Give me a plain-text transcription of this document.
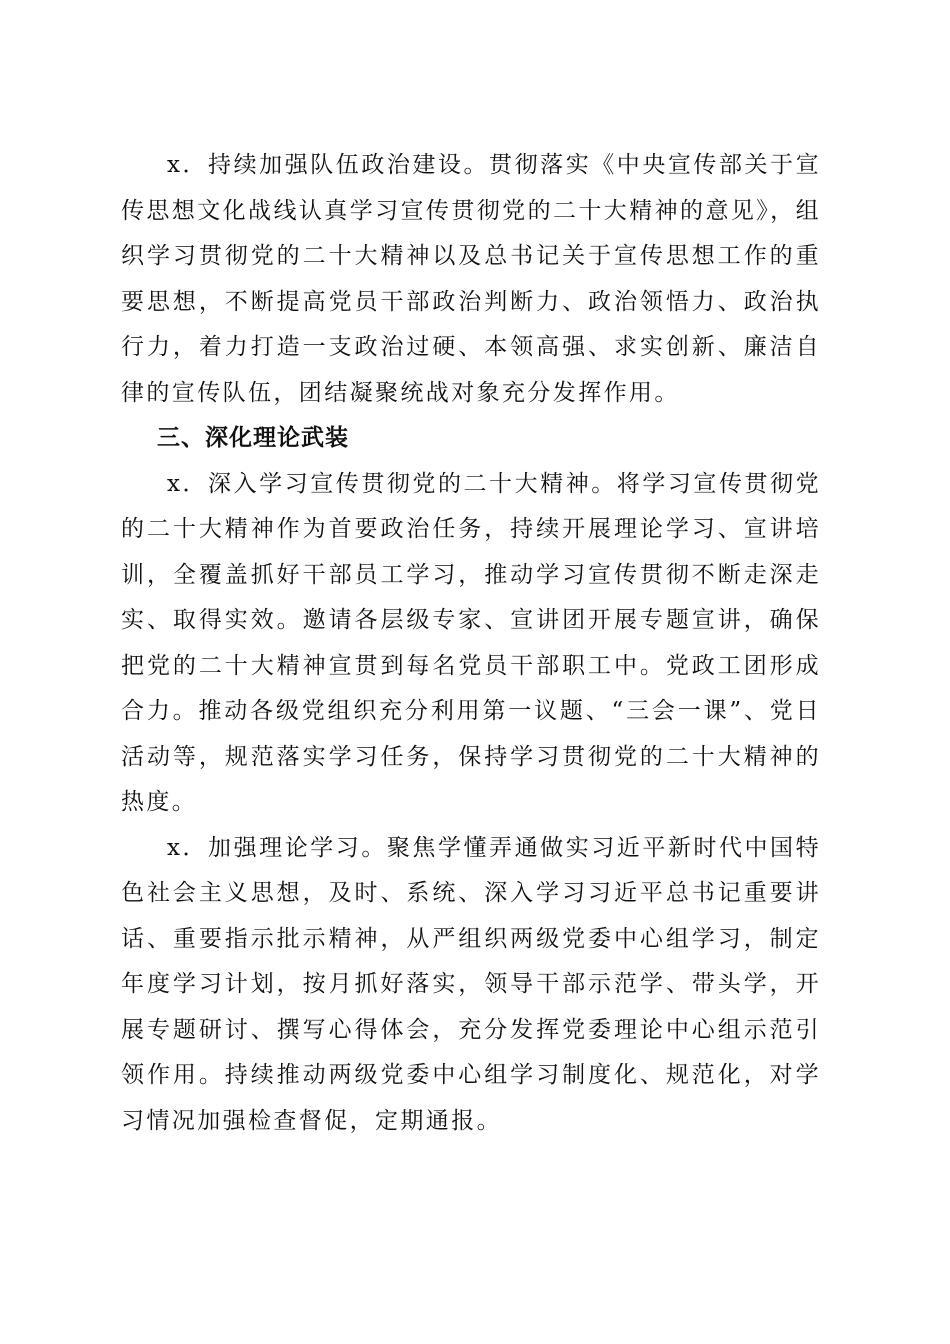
x．持续加强队伍政治建设。贯彻落实《中央宣传部关于宣传思想文化战线认真学习宣传贯彻党的二十大精神的意见》，组织学习贯彻党的二十大精神以及总书记关于宣传思想工作的重要思想，不断提高党员干部政治判断力、政治领悟力、政治执行力，着力打造一支政治过硬、本领高强、求实创新、廉洁自律的宣传队伍，团结凝聚统战对象充分发挥作用。

三、深化理论武装

x．深入学习宣传贯彻党的二十大精神。将学习宣传贯彻党的二十大精神作为首要政治任务，持续开展理论学习、宣讲培训，全覆盖抓好干部员工学习，推动学习宣传贯彻不断走深走实、取得实效。邀请各层级专家、宣讲团开展专题宣讲，确保把党的二十大精神宣贯到每名党员干部职工中。党政工团形成合力。推动各级党组织充分利用第一议题、“三会一课”、党日活动等，规范落实学习任务，保持学习贯彻党的二十大精神的热度。

x．加强理论学习。聚焦学懂弄通做实习近平新时代中国特色社会主义思想，及时、系统、深入学习习近平总书记重要讲话、重要指示批示精神，从严组织两级党委中心组学习，制定年度学习计划，按月抓好落实，领导干部示范学、带头学，开展专题研讨、撰写心得体会，充分发挥党委理论中心组示范引领作用。持续推动两级党委中心组学习制度化、规范化，对学习情况加强检查督促，定期通报。
